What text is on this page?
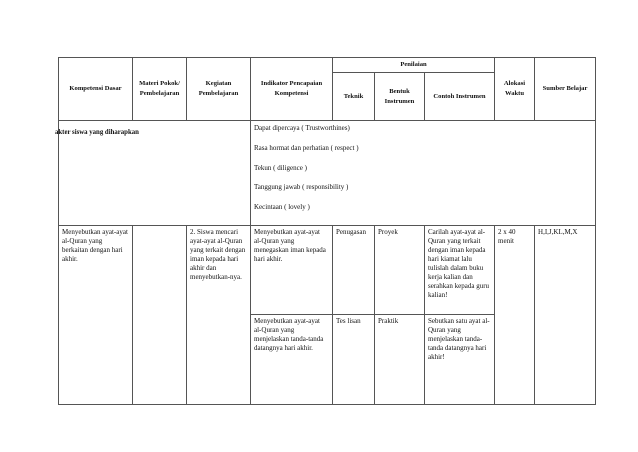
Kompetensi Dasar	Materi Pokok/ Pembelajaran	Kegiatan Pembelajaran	Indikator Pencapaian Kompetensi	Penilaian			Alokasi Waktu	Sumber Belajar
				Teknik	Bentuk Instrumen	Contoh Instrumen		

akter siswa yang diharapkan			Dapat dipercaya ( Trustworthines)
Rasa hormat dan perhatian ( respect )
Tekun ( diligence )
Tanggung jawab ( responsibility )
Kecintaan ( lovely )					

Menyebutkan ayat-ayat al-Quran yang berkaitan dengan hari akhir.		2. Siswa mencari ayat-ayat al-Quran yang terkait dengan iman kepada hari akhir dan menyebutkan-nya.	Menyebutkan ayat-ayat al-Quran yang menegaskan iman kepada hari akhir.	Penugasan	Proyek	Carilah ayat-ayat al-Quran yang terkait dengan iman kepada hari kiamat lalu tulislah dalam buku kerja kalian dan serahkan kepada guru kalian!	2 x 40 menit	H,I,J,KL,M,X
			Menyebutkan ayat-ayat al-Quran yang menjelaskan tanda-tanda datangnya hari akhir.	Tes lisan	Praktik	Sebutkan satu ayat al-Quran yang menjelaskan tanda-tanda datangnya hari akhir!		
